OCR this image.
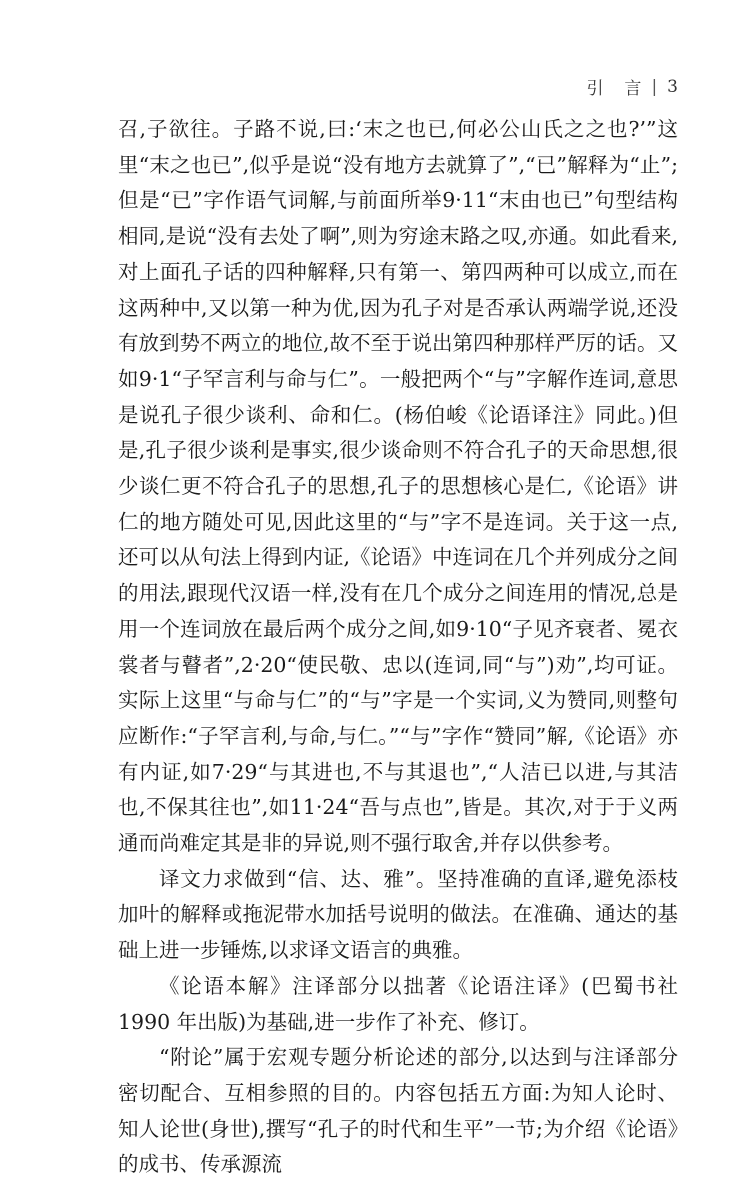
引　言 | 3

召,子欲往。子路不说,曰:‘末之也已,何必公山氏之之也?’”这里“末之也已”,似乎是说“没有地方去就算了”,“已”解释为“止”;但是“已”字作语气词解,与前面所举9·11“末由也已”句型结构相同,是说“没有去处了啊”,则为穷途末路之叹,亦通。如此看来,对上面孔子话的四种解释,只有第一、第四两种可以成立,而在这两种中,又以第一种为优,因为孔子对是否承认两端学说,还没有放到势不两立的地位,故不至于说出第四种那样严厉的话。又如9·1“子罕言利与命与仁”。一般把两个“与”字解作连词,意思是说孔子很少谈利、命和仁。(杨伯峻《论语译注》同此。)但是,孔子很少谈利是事实,很少谈命则不符合孔子的天命思想,很少谈仁更不符合孔子的思想,孔子的思想核心是仁,《论语》讲仁的地方随处可见,因此这里的“与”字不是连词。关于这一点,还可以从句法上得到内证,《论语》中连词在几个并列成分之间的用法,跟现代汉语一样,没有在几个成分之间连用的情况,总是用一个连词放在最后两个成分之间,如9·10“子见齐衰者、冕衣裳者与瞽者”,2·20“使民敬、忠以(连词,同“与”)劝”,均可证。实际上这里“与命与仁”的“与”字是一个实词,义为赞同,则整句应断作:“子罕言利,与命,与仁。”“与”字作“赞同”解,《论语》亦有内证,如7·29“与其进也,不与其退也”,“人洁已以进,与其洁也,不保其往也”,如11·24“吾与点也”,皆是。其次,对于于义两通而尚难定其是非的异说,则不强行取舍,并存以供参考。

译文力求做到“信、达、雅”。坚持准确的直译,避免添枝加叶的解释或拖泥带水加括号说明的做法。在准确、通达的基础上进一步锤炼,以求译文语言的典雅。

《论语本解》注译部分以拙著《论语注译》(巴蜀书社 1990 年出版)为基础,进一步作了补充、修订。

“附论”属于宏观专题分析论述的部分,以达到与注译部分密切配合、互相参照的目的。内容包括五方面:为知人论时、知人论世(身世),撰写“孔子的时代和生平”一节;为介绍《论语》的成书、传承源流
